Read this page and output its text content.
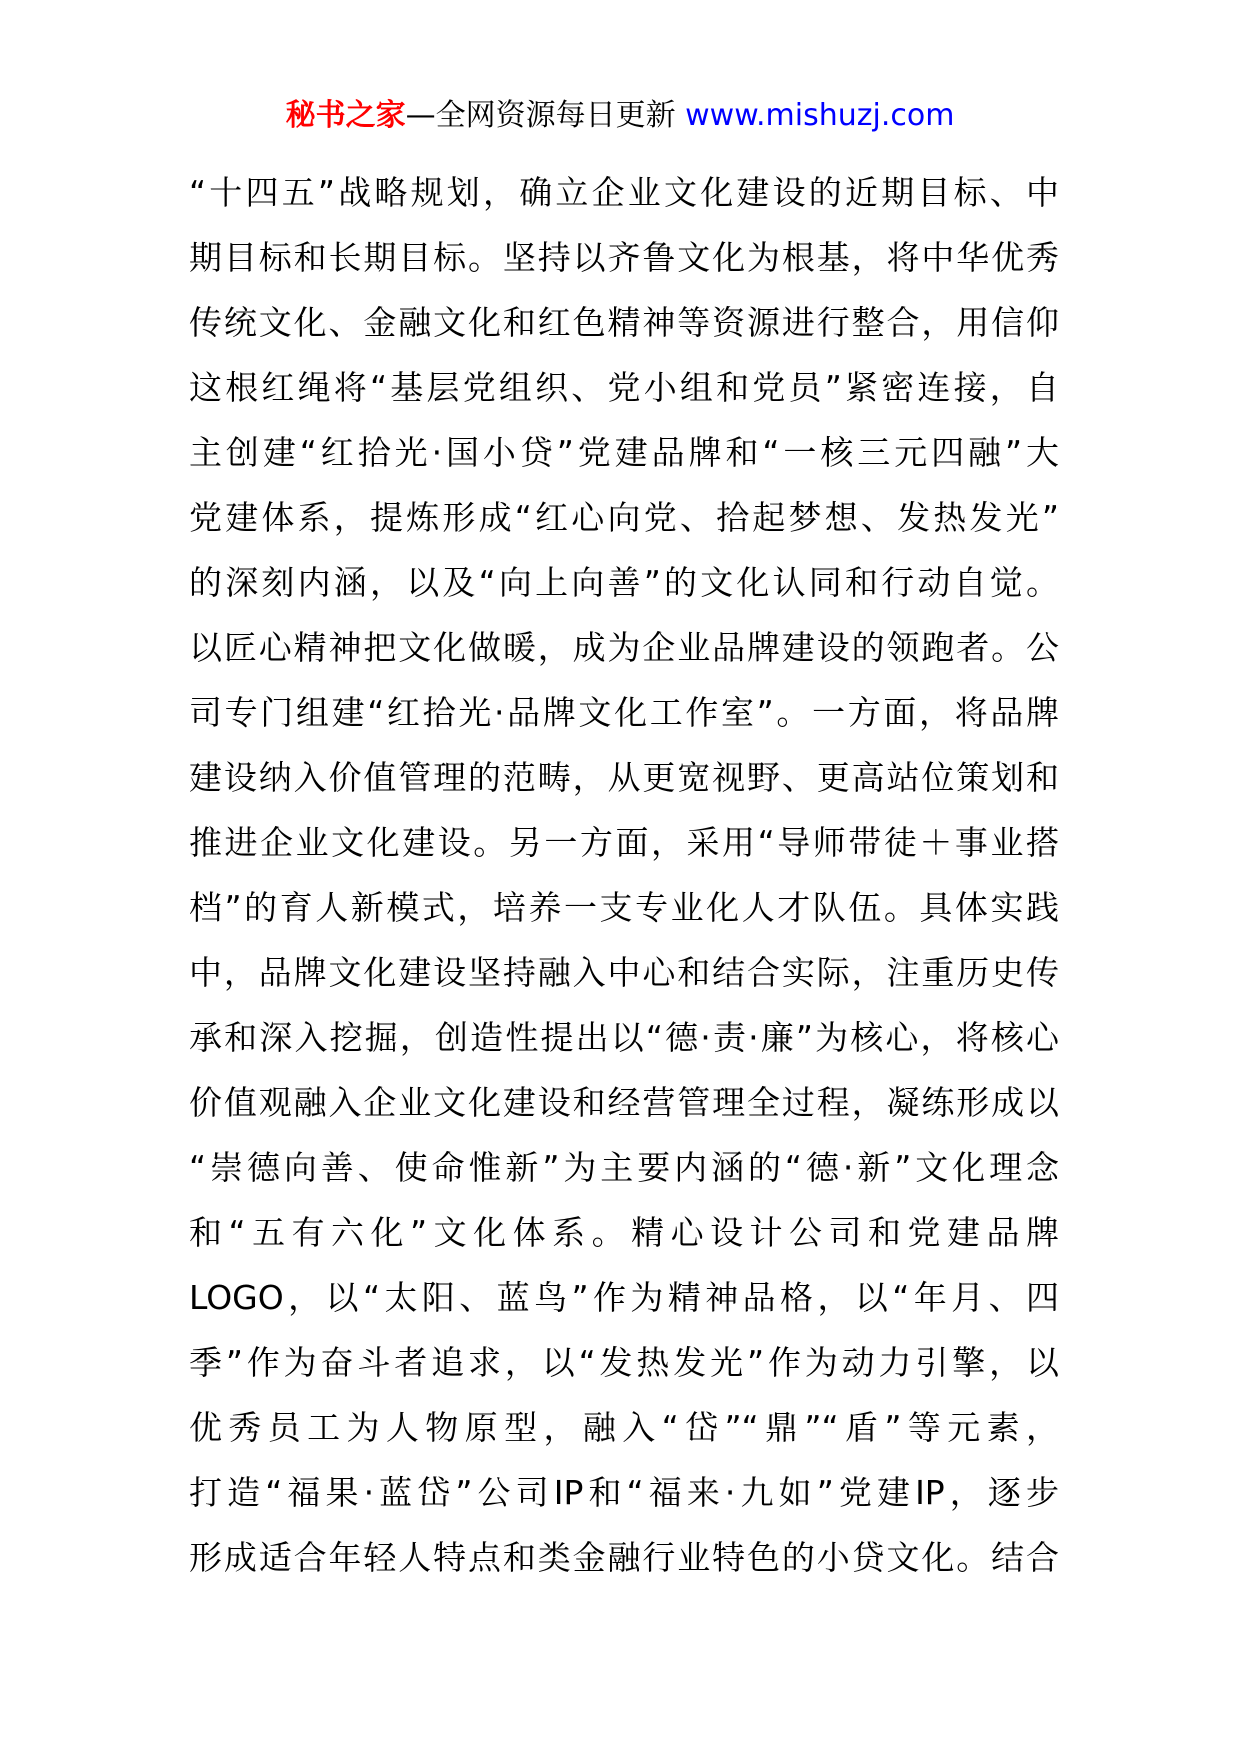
秘书之家—全网资源每日更新 www.mishuzj.com
“十四五”战略规划，确立企业文化建设的近期目标、中
期目标和长期目标。坚持以齐鲁文化为根基，将中华优秀
传统文化、金融文化和红色精神等资源进行整合，用信仰
这根红绳将“基层党组织、党小组和党员”紧密连接，自
主创建“红拾光·国小贷”党建品牌和“一核三元四融”大
党建体系，提炼形成“红心向党、拾起梦想、发热发光”
的深刻内涵，以及“向上向善”的文化认同和行动自觉。
以匠心精神把文化做暖，成为企业品牌建设的领跑者。公
司专门组建“红拾光·品牌文化工作室”。一方面，将品牌
建设纳入价值管理的范畴，从更宽视野、更高站位策划和
推进企业文化建设。另一方面，采用“导师带徒＋事业搭
档”的育人新模式，培养一支专业化人才队伍。具体实践
中，品牌文化建设坚持融入中心和结合实际，注重历史传
承和深入挖掘，创造性提出以“德·责·廉”为核心，将核心
价值观融入企业文化建设和经营管理全过程，凝练形成以
“崇德向善、使命惟新”为主要内涵的“德·新”文化理念
和“五有六化”文化体系。精心设计公司和党建品牌
LOGO，以“太阳、蓝鸟”作为精神品格，以“年月、四
季”作为奋斗者追求，以“发热发光”作为动力引擎，以
优秀员工为人物原型，融入“岱”“鼎”“盾”等元素，
打造“福果·蓝岱”公司IP和“福来·九如”党建IP，逐步
形成适合年轻人特点和类金融行业特色的小贷文化。结合
